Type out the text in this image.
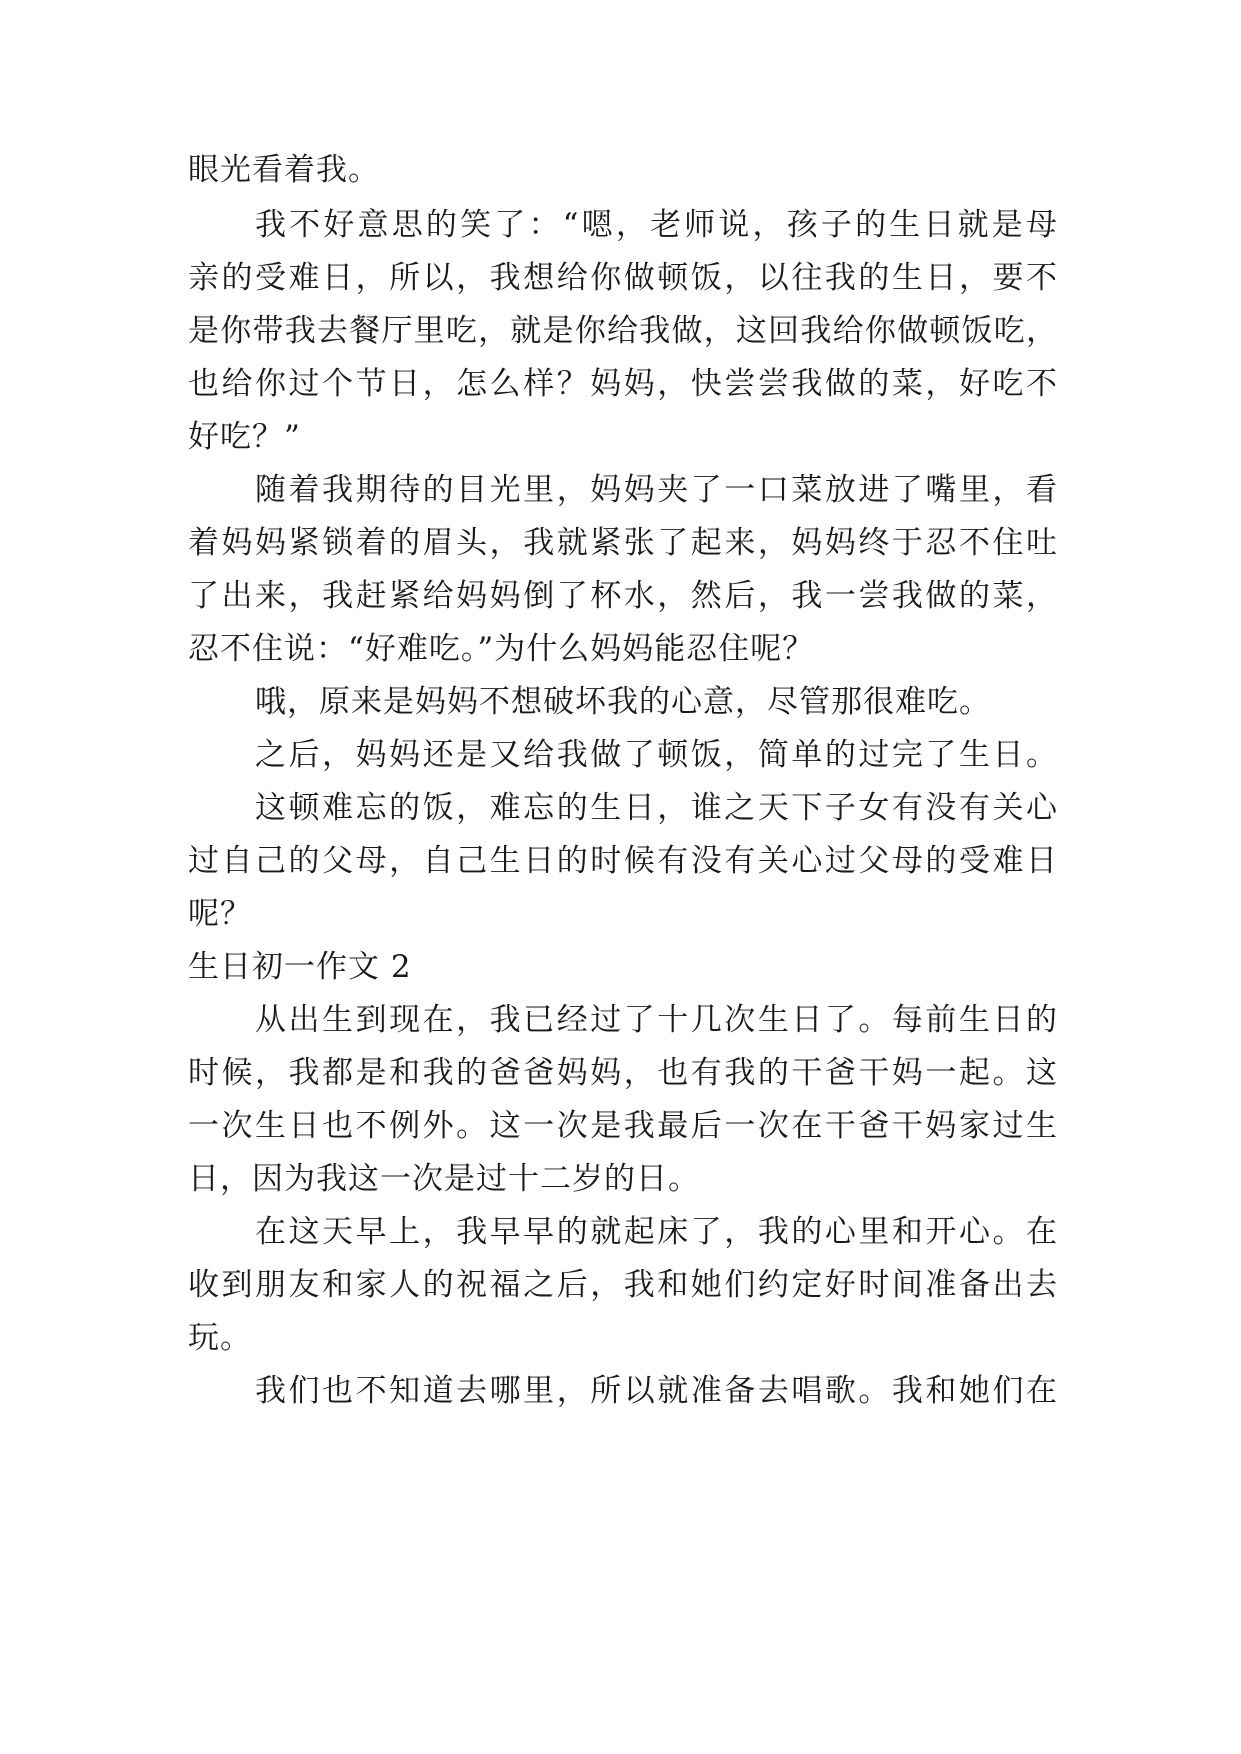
眼光看着我。
我不好意思的笑了：“嗯，老师说，孩子的生日就是母
亲的受难日，所以，我想给你做顿饭，以往我的生日，要不
是你带我去餐厅里吃，就是你给我做，这回我给你做顿饭吃，
也给你过个节日，怎么样？妈妈，快尝尝我做的菜，好吃不
好吃？”
随着我期待的目光里，妈妈夹了一口菜放进了嘴里，看
着妈妈紧锁着的眉头，我就紧张了起来，妈妈终于忍不住吐
了出来，我赶紧给妈妈倒了杯水，然后，我一尝我做的菜，
忍不住说：“好难吃。”为什么妈妈能忍住呢？
哦，原来是妈妈不想破坏我的心意，尽管那很难吃。
之后，妈妈还是又给我做了顿饭，简单的过完了生日。
这顿难忘的饭，难忘的生日，谁之天下子女有没有关心
过自己的父母，自己生日的时候有没有关心过父母的受难日
呢？
生日初一作文 2
从出生到现在，我已经过了十几次生日了。每前生日的
时候，我都是和我的爸爸妈妈，也有我的干爸干妈一起。这
一次生日也不例外。这一次是我最后一次在干爸干妈家过生
日，因为我这一次是过十二岁的日。
在这天早上，我早早的就起床了，我的心里和开心。在
收到朋友和家人的祝福之后，我和她们约定好时间准备出去
玩。
我们也不知道去哪里，所以就准备去唱歌。我和她们在
